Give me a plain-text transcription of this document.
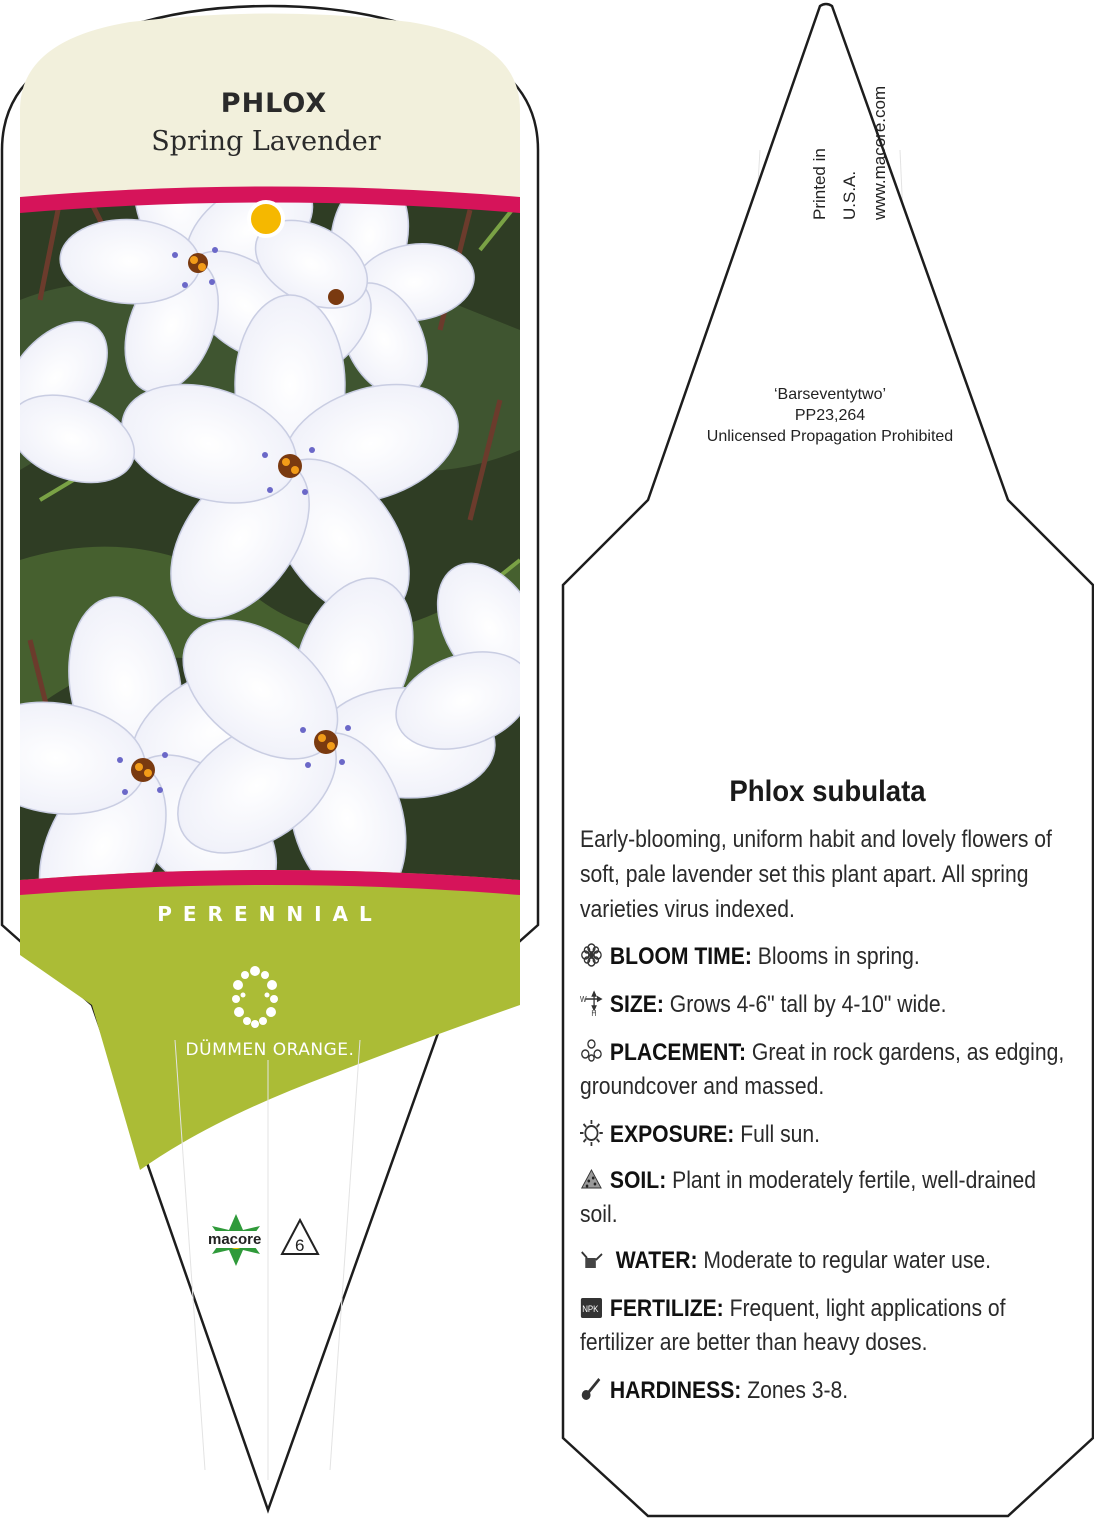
PHLOX
Spring Lavender
PERENNIAL
DÜMMEN ORANGE.
macore 6
Printed in U.S.A. www.macore.com
‘Barseventytwo’
PP23,264
Unlicensed Propagation Prohibited
Phlox subulata
Early-blooming, uniform habit and lovely flowers of soft, pale lavender set this plant apart. All spring varieties virus indexed.
BLOOM TIME: Blooms in spring.
W
H SIZE: Grows 4-6" tall by 4-10" wide.
PLACEMENT: Great in rock gardens, as edging, groundcover and massed.
EXPOSURE: Full sun.
SOIL: Plant in moderately fertile, well-drained soil.
WATER: Moderate to regular water use.
NPK FERTILIZE: Frequent, light applications of fertilizer are better than heavy doses.
HARDINESS: Zones 3-8.
